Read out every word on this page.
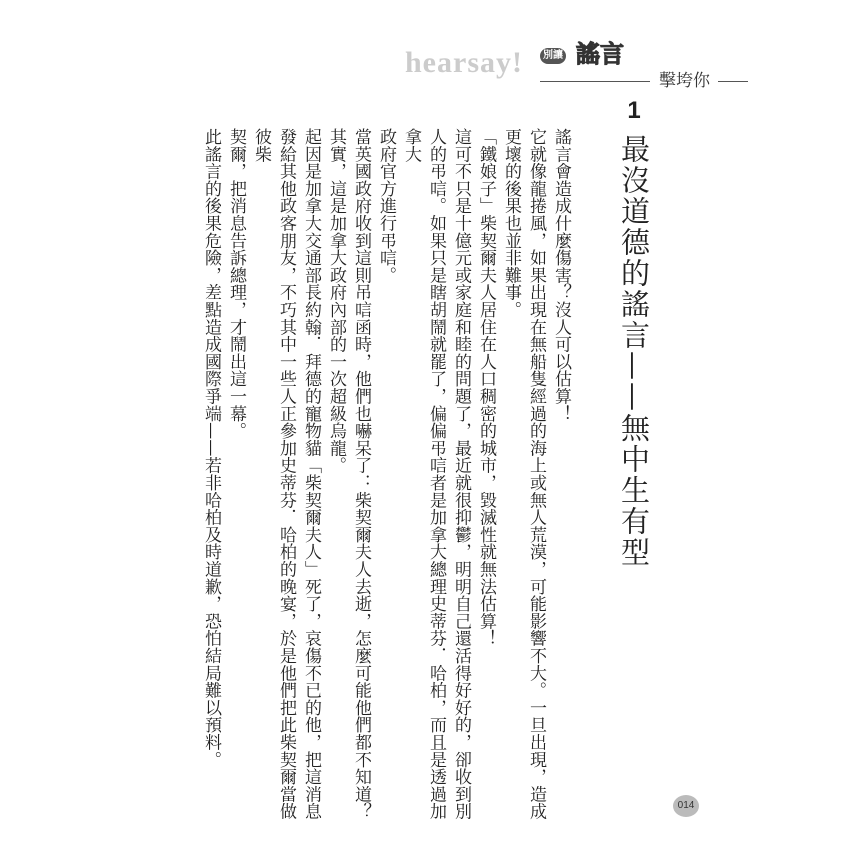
hearsay!	別讓 謠言
擊垮你
1
最沒道德的謠言——無中生有型

謠言會造成什麼傷害？沒人可以估算！

它就像龍捲風，如果出現在無船隻經過的海上或無人荒漠，可能影響不大。一旦出現，造成

更壞的後果也並非難事。

「鐵娘子」柴契爾夫人居住在人口稠密的城市，毀滅性就無法估算！

這可不只是十億元或家庭和睦的問題了，最近就很抑鬱，明明自己還活得好好的，卻收到別

人的弔唁。如果只是瞎胡鬧就罷了，偏偏弔唁者是加拿大總理史蒂芬．哈柏，而且是透過加拿大

政府官方進行弔唁。

當英國政府收到這則吊唁函時，他們也嚇呆了：柴契爾夫人去逝，怎麼可能他們都不知道？

其實，這是加拿大政府內部的一次超級烏龍。

起因是加拿大交通部長約翰．拜德的寵物貓「柴契爾夫人」死了，哀傷不已的他，把這消息

發給其他政客朋友，不巧其中一些人正參加史蒂芬．哈柏的晚宴，於是他們把此柴契爾當做彼柴

契爾，把消息告訴總理，才鬧出這一幕。

此謠言的後果危險，差點造成國際爭端——若非哈柏及時道歉，恐怕結局難以預料。

014
